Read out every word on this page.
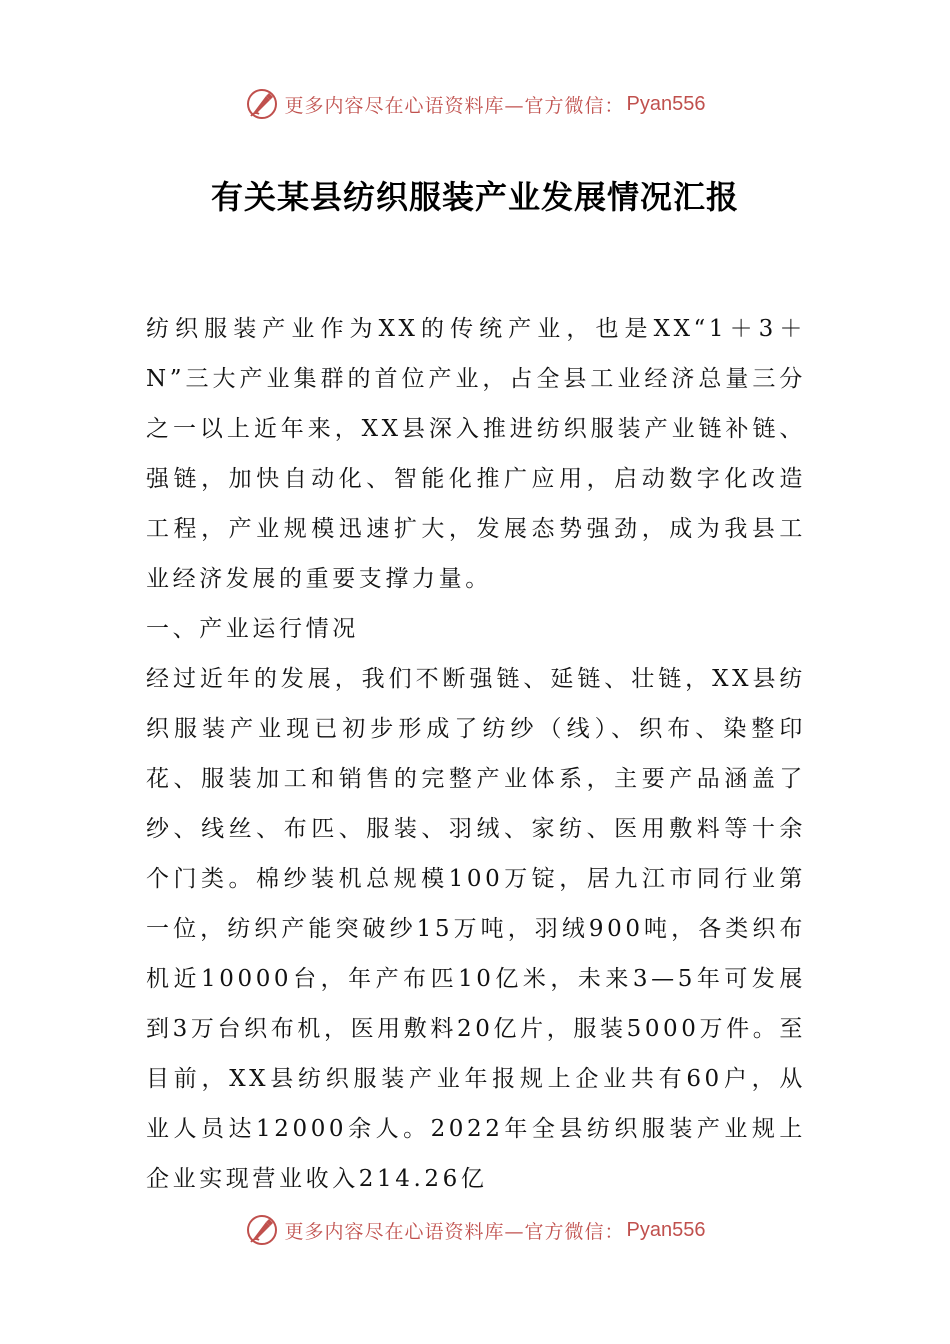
更多内容尽在心语资料库—官方微信： Pyan556
有关某县纺织服装产业发展情况汇报

纺织服装产业作为XX的传统产业，也是XX“1＋3＋N”三大产业集群的首位产业，占全县工业经济总量三分之一以上近年来，XX县深入推进纺织服装产业链补链、强链，加快自动化、智能化推广应用，启动数字化改造工程，产业规模迅速扩大，发展态势强劲，成为我县工业经济发展的重要支撑力量。

一、产业运行情况

经过近年的发展，我们不断强链、延链、壮链，XX县纺织服装产业现已初步形成了纺纱（线）、织布、染整印花、服装加工和销售的完整产业体系，主要产品涵盖了纱、线丝、布匹、服装、羽绒、家纺、医用敷料等十余个门类。棉纱装机总规模100万锭，居九江市同行业第一位，纺织产能突破纱15万吨，羽绒900吨，各类织布机近10000台，年产布匹10亿米，未来3—5年可发展到3万台织布机，医用敷料20亿片，服装5000万件。至目前，XX县纺织服装产业年报规上企业共有60户，从业人员达12000余人。2022年全县纺织服装产业规上企业实现营业收入214.26亿

更多内容尽在心语资料库—官方微信： Pyan556
